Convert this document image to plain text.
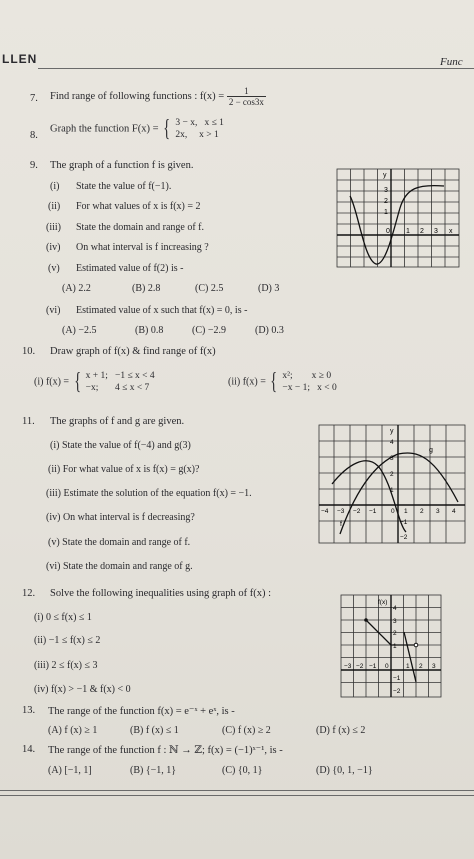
LLEN	Func
7. Find range of following functions : $f(x) = \frac{1}{2 - \cos 3x}$
8.
Graph the function F(x) = { 3 − x, x ≤ 1
2x, x > 1
9. The graph of a function f is given.
(i) State the value of f(−1).
(ii) For what values of x is f(x) = 2
(iii) State the domain and range of f.
(iv) On what interval is f increasing ?
(v) Estimated value of f(2) is -
(A) 2.2	(B) 2.8	(C) 2.5	(D) 3
(vi) Estimated value of x such that f(x) = 0, is -
(A) −2.5	(B) 0.8	(C) −2.9	(D) 0.3
y
3
2
1
0 1 2 3 x
10. Draw graph of f(x) & find range of f(x)
(i) f(x) = { x + 1; −1 ≤ x < 4
−x; 4 ≤ x < 7
(ii) f(x) = { x²; x ≥ 0
−x − 1; x < 0
11. The graphs of f and g are given.
(i) State the value of f(−4) and g(3)
(ii) For what value of x is f(x) = g(x)?
(iii) Estimate the solution of the equation f(x) = −1.
(iv) On what interval is f decreasing?
(v) State the domain and range of f.
(vi) State the domain and range of g.
y
g
f
4
3
2
1
−1
−2
−4 −3 −2 −1 0 1 2 3 4
12. Solve the following inequalities using graph of f(x) :
(i) 0 ≤ f(x) ≤ 1
(ii) −1 ≤ f(x) ≤ 2
(iii) 2 ≤ f(x) ≤ 3
(iv) f(x) > −1 & f(x) < 0
f(x)
4
3
2
1
−1
−2
−3 −2 −1 0	1 2 3
13. The range of the function f(x) = e⁻ˣ + eˣ, is -
(A) f (x) ≥ 1	(B) f (x) ≤ 1	(C) f (x) ≥ 2	(D) f (x) ≤ 2
14. The range of the function f : ℕ → ℤ; f(x) = (−1)ˣ⁻¹, is -
(A) [−1, 1]	(B) {−1, 1}	(C) {0, 1}	(D) {0, 1, −1}
